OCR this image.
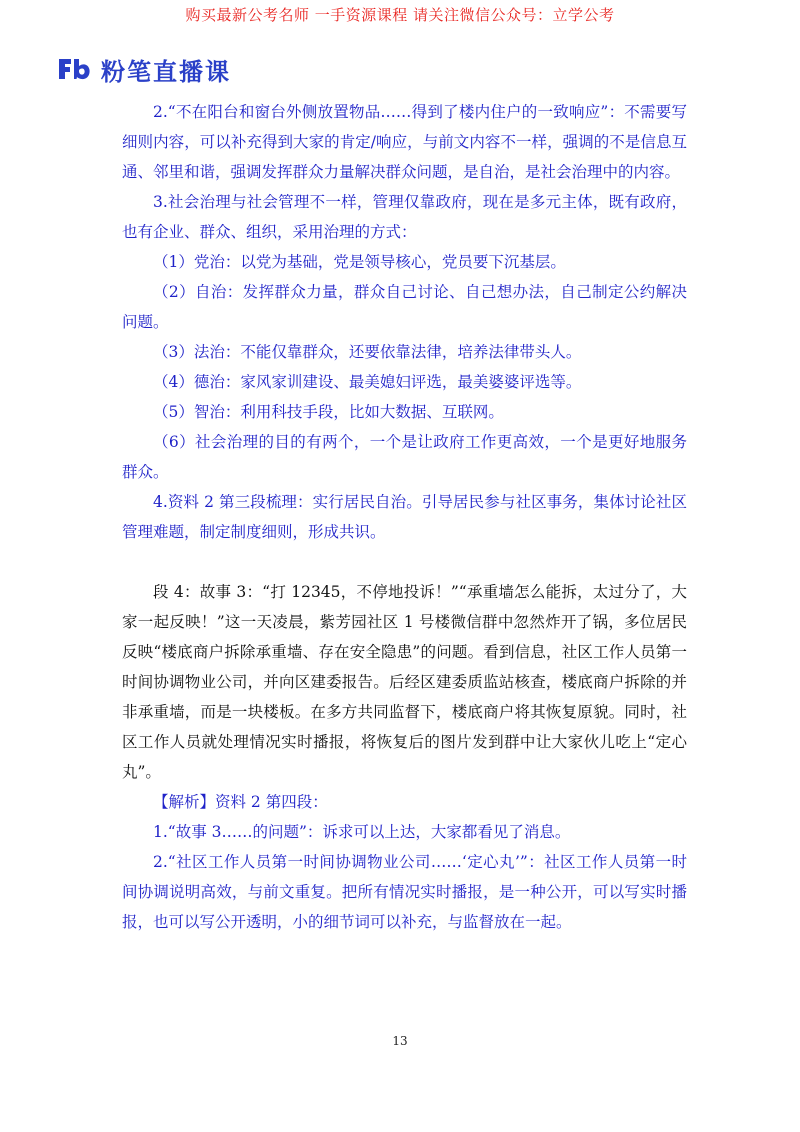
购买最新公考名师 一手资源课程 请关注微信公众号：立学公考
粉笔直播课

2.“不在阳台和窗台外侧放置物品……得到了楼内住户的一致响应”：不需要写细则内容，可以补充得到大家的肯定/响应，与前文内容不一样，强调的不是信息互通、邻里和谐，强调发挥群众力量解决群众问题，是自治，是社会治理中的内容。

3.社会治理与社会管理不一样，管理仅靠政府，现在是多元主体，既有政府，也有企业、群众、组织，采用治理的方式：

（1）党治：以党为基础，党是领导核心，党员要下沉基层。

（2）自治：发挥群众力量，群众自己讨论、自己想办法，自己制定公约解决问题。

（3）法治：不能仅靠群众，还要依靠法律，培养法律带头人。

（4）德治：家风家训建设、最美媳妇评选，最美婆婆评选等。

（5）智治：利用科技手段，比如大数据、互联网。

（6）社会治理的目的有两个，一个是让政府工作更高效，一个是更好地服务群众。

4.资料 2 第三段梳理：实行居民自治。引导居民参与社区事务，集体讨论社区管理难题，制定制度细则，形成共识。

段 4：故事 3：“打 12345，不停地投诉！”“承重墙怎么能拆，太过分了，大家一起反映！”这一天凌晨，紫芳园社区 1 号楼微信群中忽然炸开了锅，多位居民反映“楼底商户拆除承重墙、存在安全隐患”的问题。看到信息，社区工作人员第一时间协调物业公司，并向区建委报告。后经区建委质监站核查，楼底商户拆除的并非承重墙，而是一块楼板。在多方共同监督下，楼底商户将其恢复原貌。同时，社区工作人员就处理情况实时播报，将恢复后的图片发到群中让大家伙儿吃上“定心丸”。

【解析】资料 2 第四段：

1.“故事 3……的问题”：诉求可以上达，大家都看见了消息。

2.“社区工作人员第一时间协调物业公司……‘定心丸’”：社区工作人员第一时间协调说明高效，与前文重复。把所有情况实时播报，是一种公开，可以写实时播报，也可以写公开透明，小的细节词可以补充，与监督放在一起。

13
